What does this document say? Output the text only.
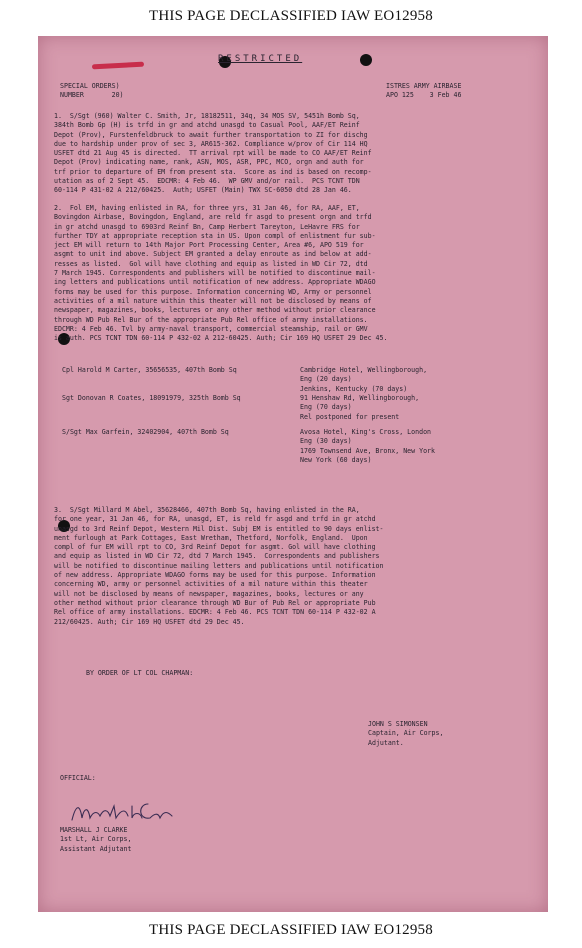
THIS PAGE DECLASSIFIED IAW EO12958
RESTRICTED
SPECIAL ORDERS)
NUMBER       20)
ISTRES ARMY AIRBASE
APO 125    3 Feb 46
1.  S/Sgt (960) Walter C. Smith, Jr, 18182511, 34q, 34 MOS SV, 5451h Bomb Sq,
384th Bomb Gp (H) is trfd in gr and atchd unasgd to Casual Pool, AAF/ET Reinf
Depot (Prov), Furstenfeldbruck to await further transportation to ZI for dischg
due to hardship under prov of sec 3, AR615-362. Compliance w/prov of Cir 114 HQ
USFET dtd 21 Aug 45 is directed.  TT arrival rpt will be made to CO AAF/ET Reinf
Depot (Prov) indicating name, rank, ASN, MOS, ASR, PPC, MCO, orgn and auth for
trf prior to departure of EM from present sta.  Score as ind is based on recomp-
utation as of 2 Sept 45.  EDCMR: 4 Feb 46.  WP GMV and/or rail.  PCS TCNT TDN
60-114 P 431-02 A 212/60425.  Auth; USFET (Main) TWX SC-6050 dtd 28 Jan 46.
2.  Fol EM, having enlisted in RA, for three yrs, 31 Jan 46, for RA, AAF, ET,
Bovingdon Airbase, Bovingdon, England, are reld fr asgd to present orgn and trfd
in gr atchd unasgd to 6903rd Reinf Bn, Camp Herbert Tareyton, LeHavre FRS for
further TDY at appropriate reception sta in US. Upon compl of enlistment fur sub-
ject EM will return to 14th Major Port Processing Center, Area #6, APO 519 for
asgmt to unit ind above. Subject EM granted a delay enroute as ind below at add-
resses as listed.  Gol will have clothing and equip as listed in WD Cir 72, dtd
7 March 1945. Correspondents and publishers will be notified to discontinue mail-
ing letters and publications until notification of new address. Appropriate WDAGO
forms may be used for this purpose. Information concerning WD, Army or personnel
activities of a mil nature within this theater will not be disclosed by means of
newspaper, magazines, books, lectures or any other method without prior clearance
through WD Pub Rel Bur of the appropriate Pub Rel office of army installations.
EDCMR: 4 Feb 46. Tvl by army-naval transport, commercial steamship, rail or GMV
is auth. PCS TCNT TDN 60-114 P 432-02 A 212-60425. Auth; Cir 169 HQ USFET 29 Dec 45.
Cpl Harold M Carter, 35656535, 407th Bomb Sq	Cambridge Hotel, Wellingborough,
Eng (20 days)
Jenkins, Kentucky (70 days)
Sgt Donovan R Coates, 18091979, 325th Bomb Sq	91 Henshaw Rd, Wellingborough,
Eng (70 days)
Rel postponed for present
S/Sgt Max Garfein, 32402904, 407th Bomb Sq	Avosa Hotel, King's Cross, London
Eng (30 days)
1769 Townsend Ave, Bronx, New York
New York (60 days)
3.  S/Sgt Millard M Abel, 35628466, 407th Bomb Sq, having enlisted in the RA,
for one year, 31 Jan 46, for RA, unasgd, ET, is reld fr asgd and trfd in gr atchd
unasgd to 3rd Reinf Depot, Western Mil Dist. Subj EM is entitled to 90 days enlist-
ment furlough at Park Cottages, East Wretham, Thetford, Norfolk, England.  Upon
compl of fur EM will rpt to CO, 3rd Reinf Depot for asgmt. Gol will have clothing
and equip as listed in WD Cir 72, dtd 7 March 1945.  Correspondents and publishers
will be notified to discontinue mailing letters and publications until notification
of new address. Appropriate WDAGO forms may be used for this purpose. Information
concerning WD, army or personnel activities of a mil nature within this theater
will not be disclosed by means of newspaper, magazines, books, lectures or any
other method without prior clearance through WD Bur of Pub Rel or appropriate Pub
Rel office of army installations. EDCMR: 4 Feb 46. PCS TCNT TDN 60-114 P 432-02 A
212/60425. Auth; Cir 169 HQ USFET dtd 29 Dec 45.
BY ORDER OF LT COL CHAPMAN:
JOHN S SIMONSEN
Captain, Air Corps,
Adjutant.
OFFICIAL:
MARSHALL J CLARKE
1st Lt, Air Corps,
Assistant Adjutant
THIS PAGE DECLASSIFIED IAW EO12958
